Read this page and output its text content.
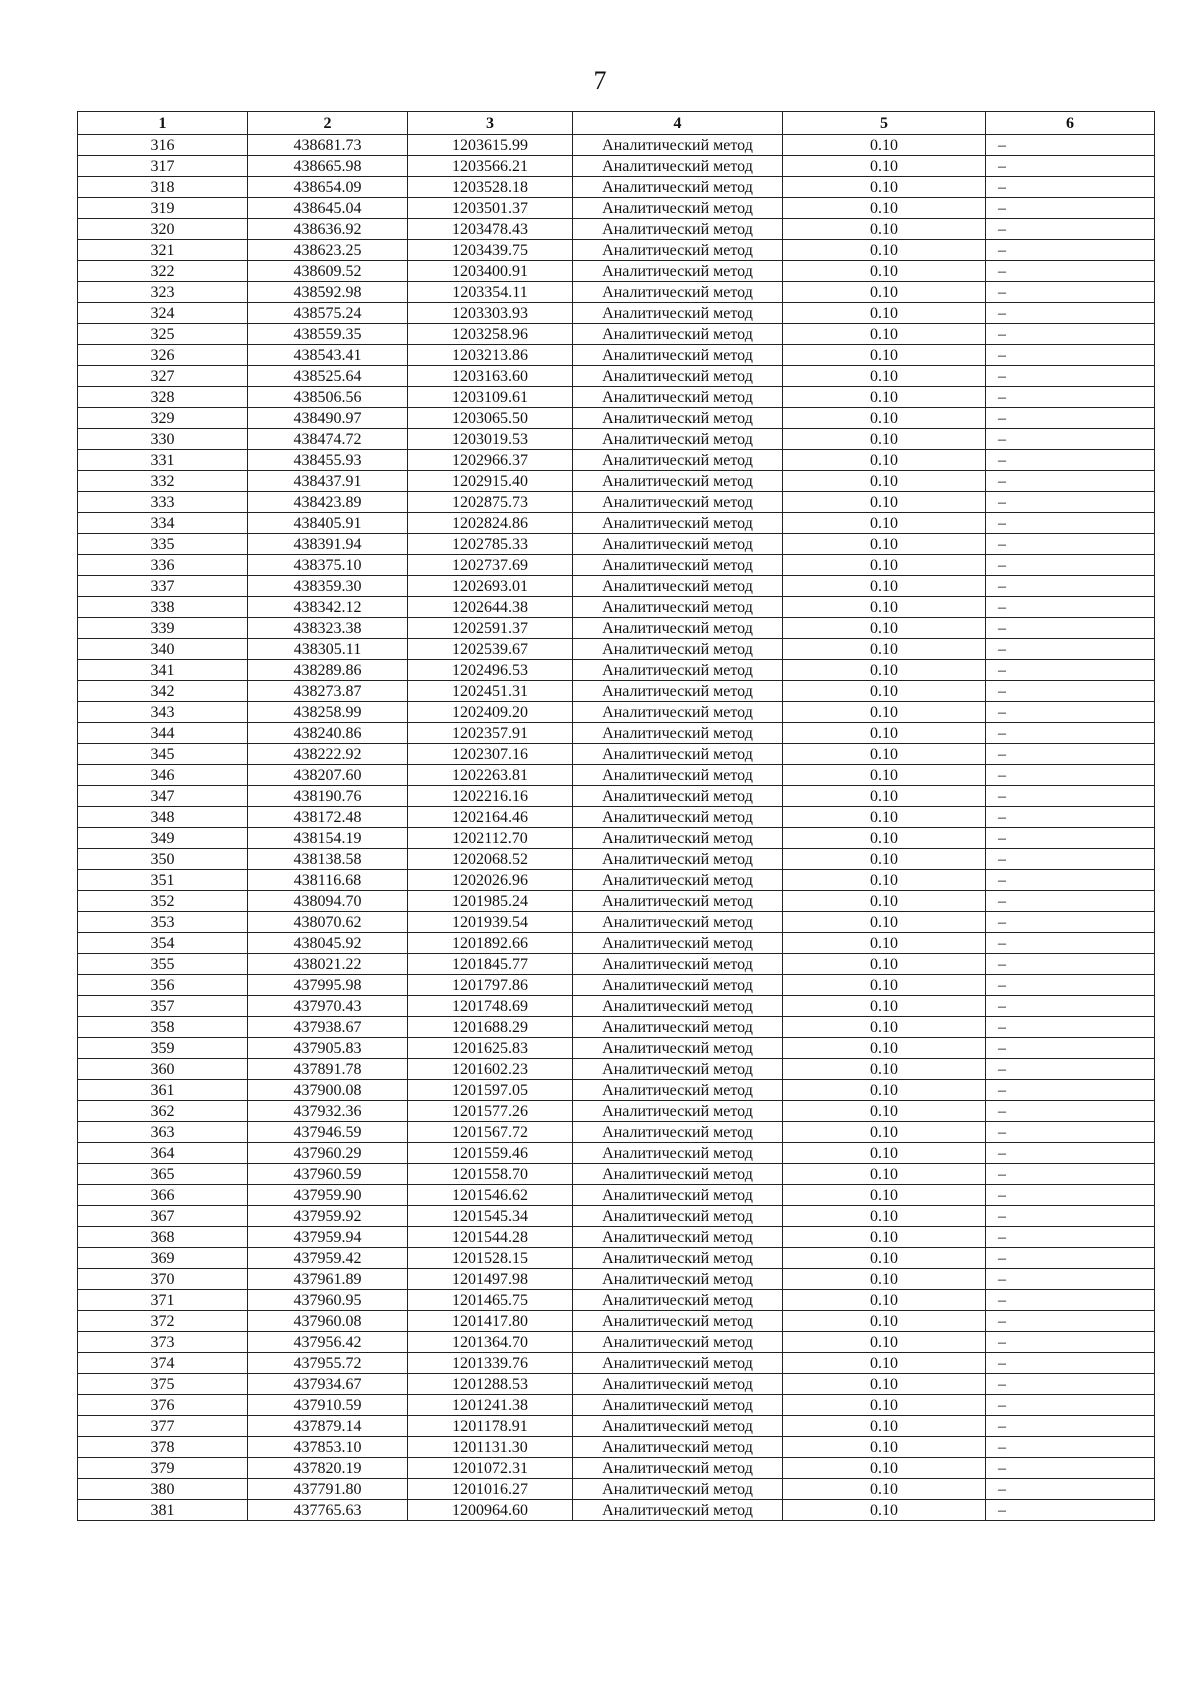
7
1	2	3	4	5	6
316	438681.73	1203615.99	Аналитический метод	0.10	–
317	438665.98	1203566.21	Аналитический метод	0.10	–
318	438654.09	1203528.18	Аналитический метод	0.10	–
319	438645.04	1203501.37	Аналитический метод	0.10	–
320	438636.92	1203478.43	Аналитический метод	0.10	–
321	438623.25	1203439.75	Аналитический метод	0.10	–
322	438609.52	1203400.91	Аналитический метод	0.10	–
323	438592.98	1203354.11	Аналитический метод	0.10	–
324	438575.24	1203303.93	Аналитический метод	0.10	–
325	438559.35	1203258.96	Аналитический метод	0.10	–
326	438543.41	1203213.86	Аналитический метод	0.10	–
327	438525.64	1203163.60	Аналитический метод	0.10	–
328	438506.56	1203109.61	Аналитический метод	0.10	–
329	438490.97	1203065.50	Аналитический метод	0.10	–
330	438474.72	1203019.53	Аналитический метод	0.10	–
331	438455.93	1202966.37	Аналитический метод	0.10	–
332	438437.91	1202915.40	Аналитический метод	0.10	–
333	438423.89	1202875.73	Аналитический метод	0.10	–
334	438405.91	1202824.86	Аналитический метод	0.10	–
335	438391.94	1202785.33	Аналитический метод	0.10	–
336	438375.10	1202737.69	Аналитический метод	0.10	–
337	438359.30	1202693.01	Аналитический метод	0.10	–
338	438342.12	1202644.38	Аналитический метод	0.10	–
339	438323.38	1202591.37	Аналитический метод	0.10	–
340	438305.11	1202539.67	Аналитический метод	0.10	–
341	438289.86	1202496.53	Аналитический метод	0.10	–
342	438273.87	1202451.31	Аналитический метод	0.10	–
343	438258.99	1202409.20	Аналитический метод	0.10	–
344	438240.86	1202357.91	Аналитический метод	0.10	–
345	438222.92	1202307.16	Аналитический метод	0.10	–
346	438207.60	1202263.81	Аналитический метод	0.10	–
347	438190.76	1202216.16	Аналитический метод	0.10	–
348	438172.48	1202164.46	Аналитический метод	0.10	–
349	438154.19	1202112.70	Аналитический метод	0.10	–
350	438138.58	1202068.52	Аналитический метод	0.10	–
351	438116.68	1202026.96	Аналитический метод	0.10	–
352	438094.70	1201985.24	Аналитический метод	0.10	–
353	438070.62	1201939.54	Аналитический метод	0.10	–
354	438045.92	1201892.66	Аналитический метод	0.10	–
355	438021.22	1201845.77	Аналитический метод	0.10	–
356	437995.98	1201797.86	Аналитический метод	0.10	–
357	437970.43	1201748.69	Аналитический метод	0.10	–
358	437938.67	1201688.29	Аналитический метод	0.10	–
359	437905.83	1201625.83	Аналитический метод	0.10	–
360	437891.78	1201602.23	Аналитический метод	0.10	–
361	437900.08	1201597.05	Аналитический метод	0.10	–
362	437932.36	1201577.26	Аналитический метод	0.10	–
363	437946.59	1201567.72	Аналитический метод	0.10	–
364	437960.29	1201559.46	Аналитический метод	0.10	–
365	437960.59	1201558.70	Аналитический метод	0.10	–
366	437959.90	1201546.62	Аналитический метод	0.10	–
367	437959.92	1201545.34	Аналитический метод	0.10	–
368	437959.94	1201544.28	Аналитический метод	0.10	–
369	437959.42	1201528.15	Аналитический метод	0.10	–
370	437961.89	1201497.98	Аналитический метод	0.10	–
371	437960.95	1201465.75	Аналитический метод	0.10	–
372	437960.08	1201417.80	Аналитический метод	0.10	–
373	437956.42	1201364.70	Аналитический метод	0.10	–
374	437955.72	1201339.76	Аналитический метод	0.10	–
375	437934.67	1201288.53	Аналитический метод	0.10	–
376	437910.59	1201241.38	Аналитический метод	0.10	–
377	437879.14	1201178.91	Аналитический метод	0.10	–
378	437853.10	1201131.30	Аналитический метод	0.10	–
379	437820.19	1201072.31	Аналитический метод	0.10	–
380	437791.80	1201016.27	Аналитический метод	0.10	–
381	437765.63	1200964.60	Аналитический метод	0.10	–
